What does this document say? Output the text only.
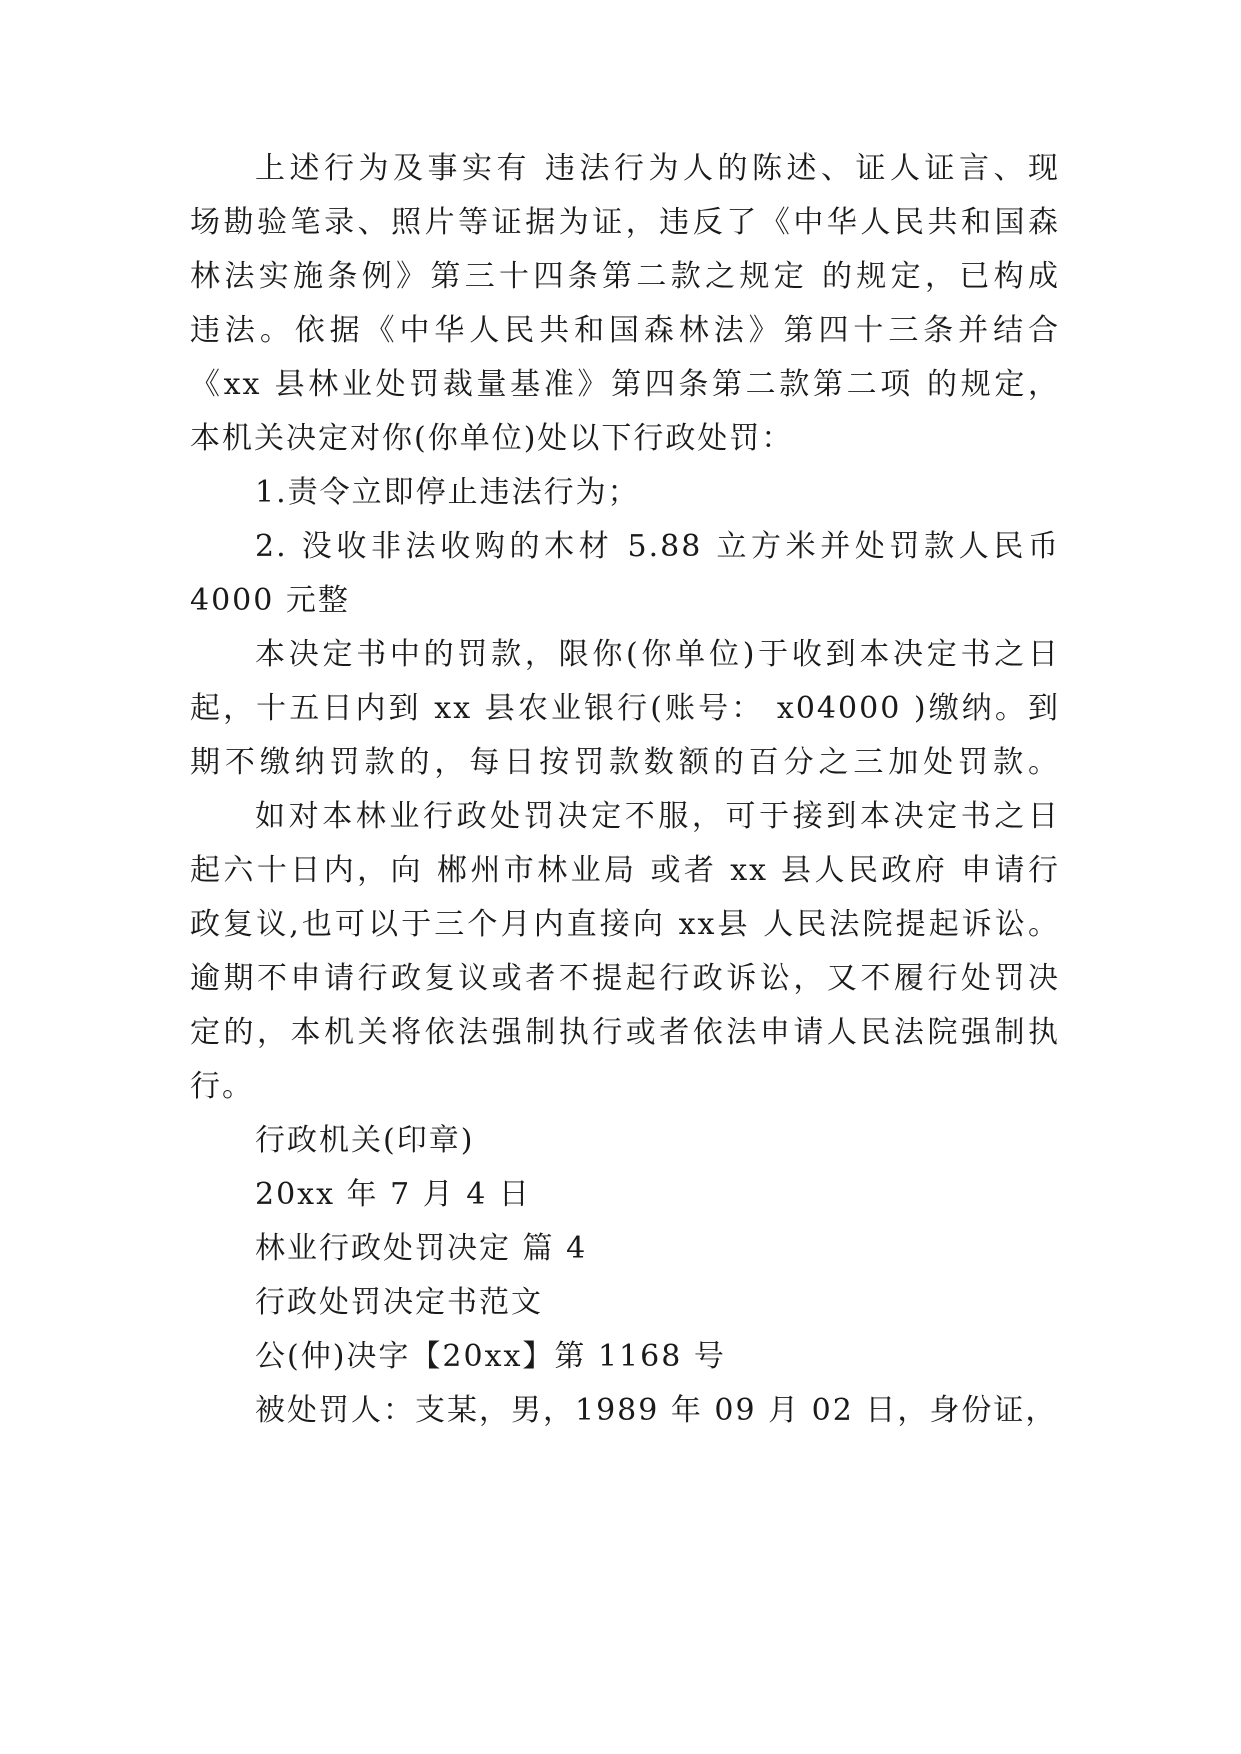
上述行为及事实有 违法行为人的陈述、证人证言、现
场勘验笔录、照片等证据为证，违反了《中华人民共和国森
林法实施条例》第三十四条第二款之规定 的规定，已构成
违法。依据《中华人民共和国森林法》第四十三条并结合
《xx 县林业处罚裁量基准》第四条第二款第二项 的规定，
本机关决定对你(你单位)处以下行政处罚：
1.责令立即停止违法行为；
2. 没收非法收购的木材 5.88 立方米并处罚款人民币
4000 元整
本决定书中的罚款，限你(你单位)于收到本决定书之日
起，十五日内到 xx 县农业银行(账号： x04000 )缴纳。到
期不缴纳罚款的，每日按罚款数额的百分之三加处罚款。
如对本林业行政处罚决定不服，可于接到本决定书之日
起六十日内，向 郴州市林业局 或者 xx 县人民政府 申请行
政复议,也可以于三个月内直接向 xx县 人民法院提起诉讼。
逾期不申请行政复议或者不提起行政诉讼，又不履行处罚决
定的，本机关将依法强制执行或者依法申请人民法院强制执
行。
行政机关(印章)
20xx 年 7 月 4 日
林业行政处罚决定 篇 4
行政处罚决定书范文
公(仲)决字【20xx】第 1168 号
被处罚人：支某，男，1989 年 09 月 02 日，身份证，
